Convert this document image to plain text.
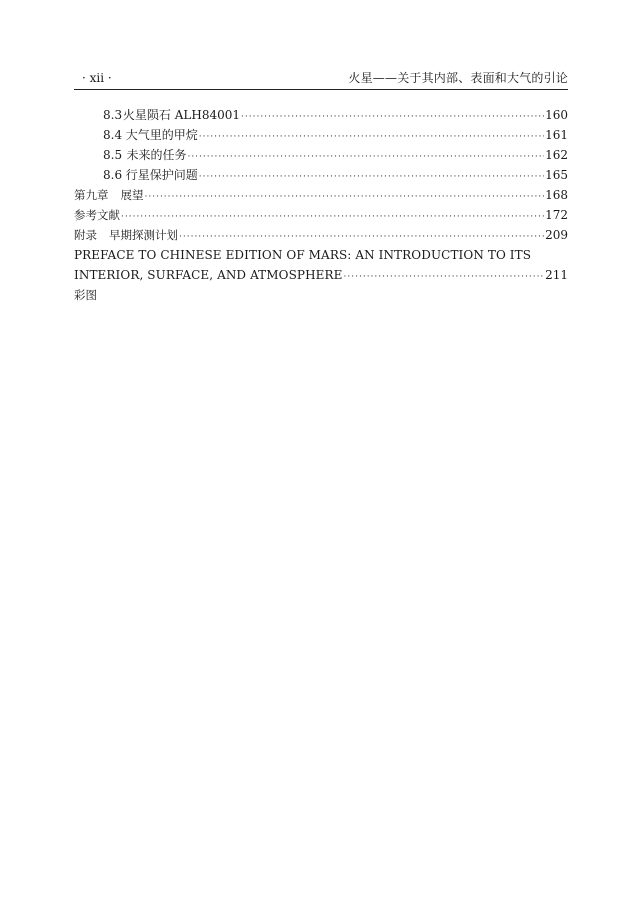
· xii ·	火星——关于其内部、表面和大气的引论
8.3 火星陨石 ALH84001 ·····	160
8.4 大气里的甲烷 ·····	161
8.5 未来的任务 ·····	162
8.6 行星保护问题 ·····	165
第九章 展望 ·····	168
参考文献 ·····	172
附录 早期探测计划 ·····	209
PREFACE TO CHINESE EDITION OF MARS: AN INTRODUCTION TO ITS
INTERIOR, SURFACE, AND ATMOSPHERE ·····	211
彩图
